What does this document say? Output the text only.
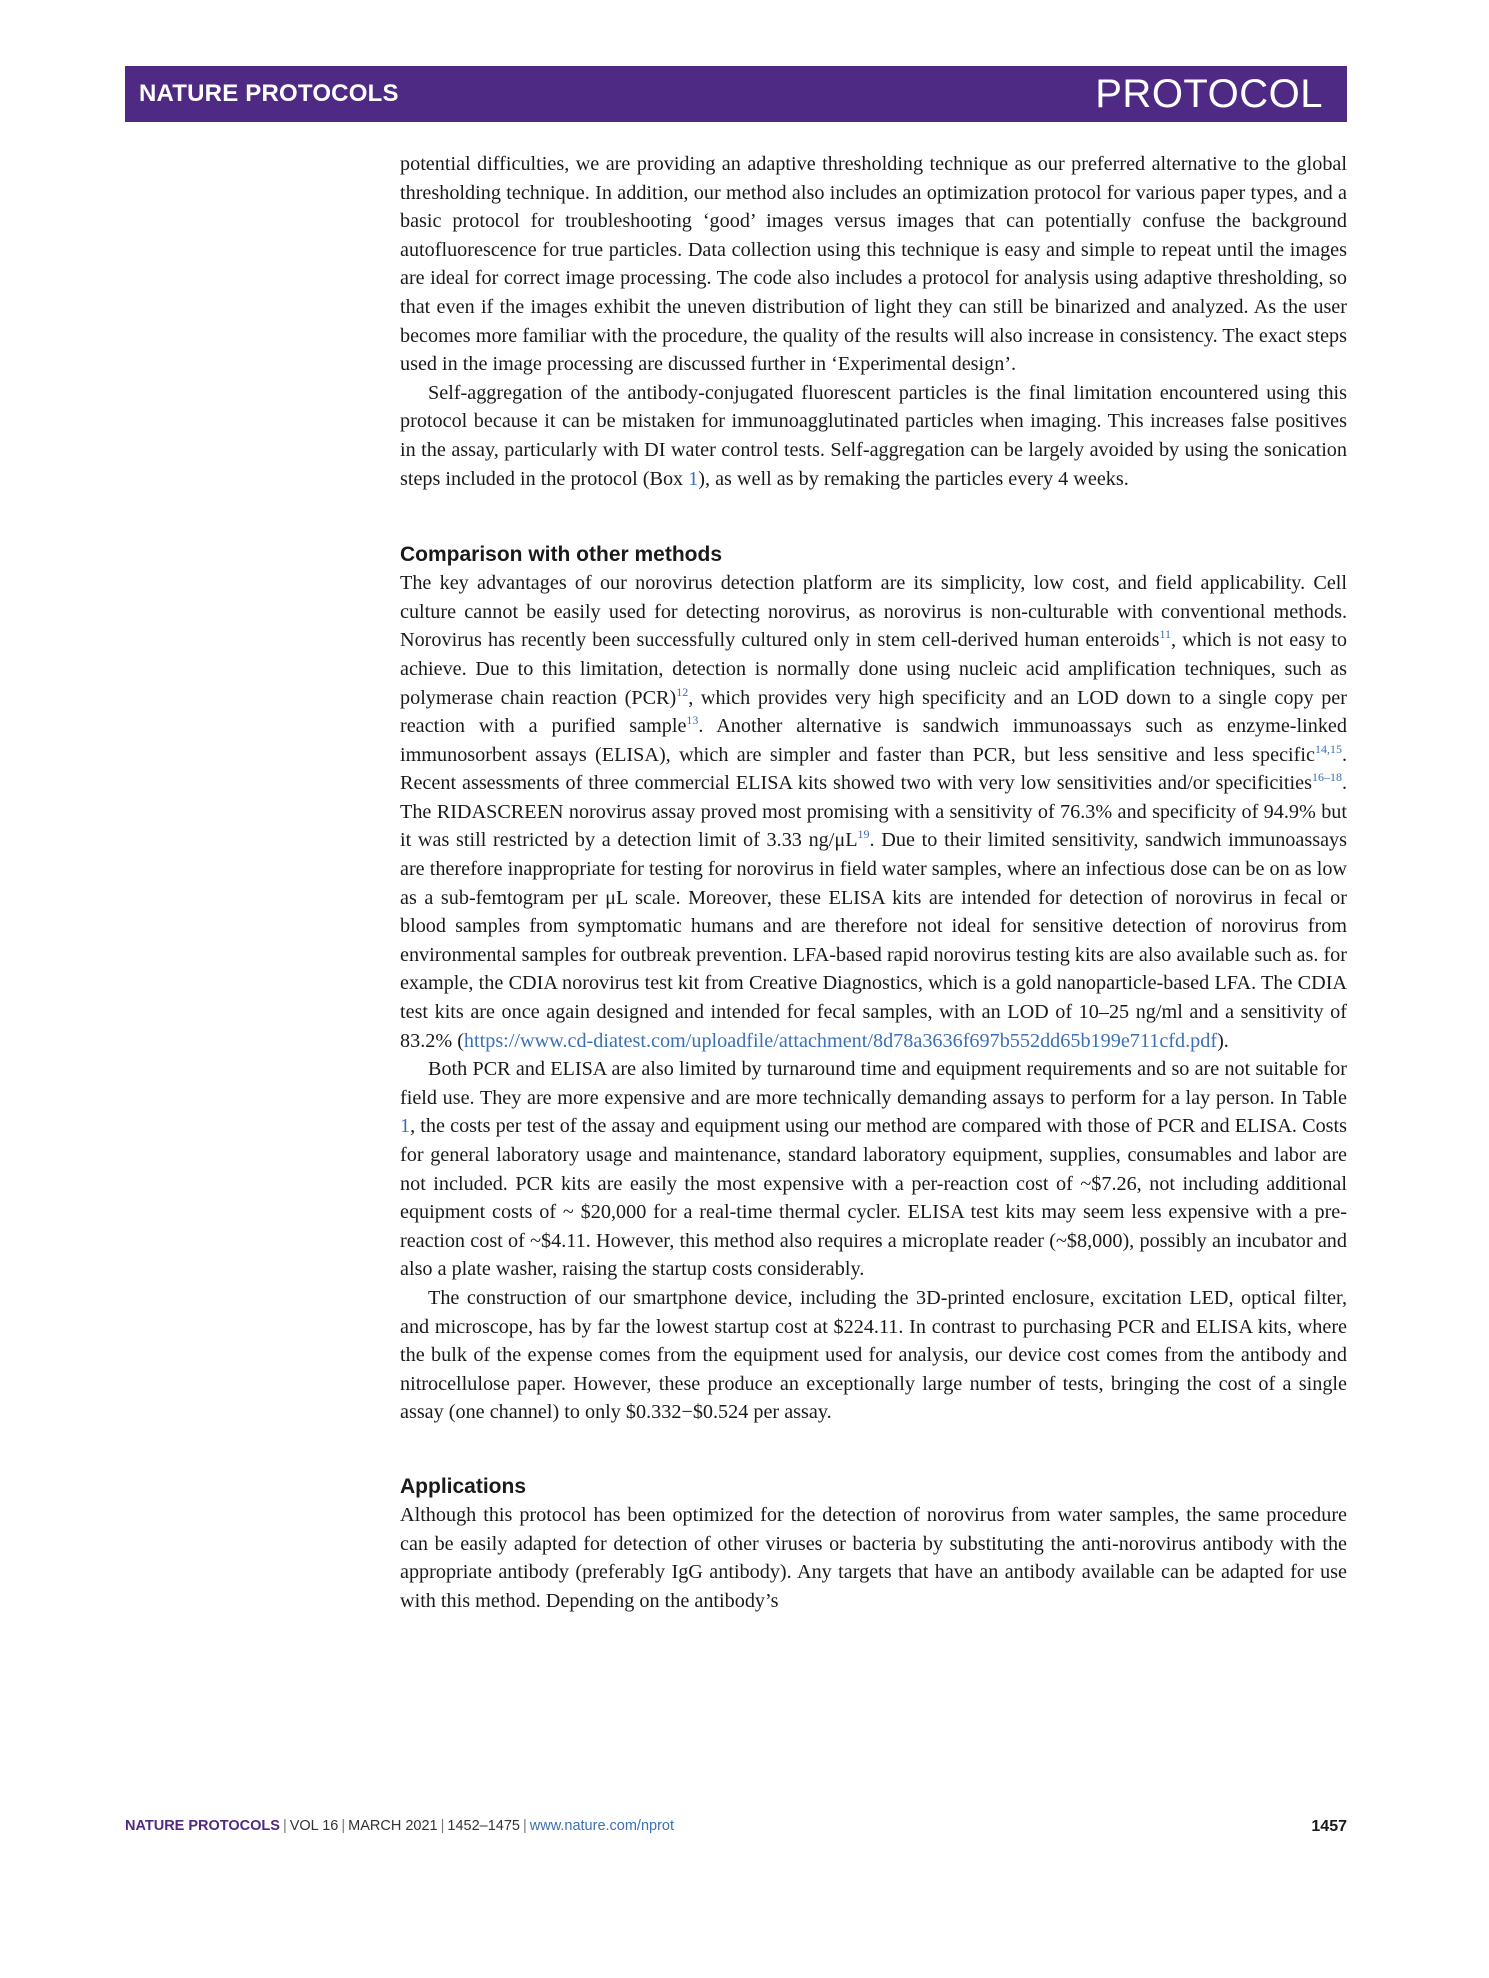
NATURE PROTOCOLS	PROTOCOL

potential difficulties, we are providing an adaptive thresholding technique as our preferred alternative to the global thresholding technique. In addition, our method also includes an optimization protocol for various paper types, and a basic protocol for troubleshooting ‘good’ images versus images that can potentially confuse the background autofluorescence for true particles. Data collection using this technique is easy and simple to repeat until the images are ideal for correct image processing. The code also includes a protocol for analysis using adaptive thresholding, so that even if the images exhibit the uneven distribution of light they can still be binarized and analyzed. As the user becomes more familiar with the procedure, the quality of the results will also increase in consistency. The exact steps used in the image processing are discussed further in ‘Experimental design’.

Self-aggregation of the antibody-conjugated fluorescent particles is the final limitation encountered using this protocol because it can be mistaken for immunoagglutinated particles when imaging. This increases false positives in the assay, particularly with DI water control tests. Self-aggregation can be largely avoided by using the sonication steps included in the protocol (Box 1), as well as by remaking the particles every 4 weeks.

Comparison with other methods

The key advantages of our norovirus detection platform are its simplicity, low cost, and field applicability. Cell culture cannot be easily used for detecting norovirus, as norovirus is non-culturable with conventional methods. Norovirus has recently been successfully cultured only in stem cell-derived human enteroids$^{11}$, which is not easy to achieve. Due to this limitation, detection is normally done using nucleic acid amplification techniques, such as polymerase chain reaction (PCR)$^{12}$, which provides very high specificity and an LOD down to a single copy per reaction with a purified sample$^{13}$. Another alternative is sandwich immunoassays such as enzyme-linked immunosorbent assays (ELISA), which are simpler and faster than PCR, but less sensitive and less specific$^{14,15}$. Recent assessments of three commercial ELISA kits showed two with very low sensitivities and/or specificities$^{16-18}$. The RIDASCREEN norovirus assay proved most promising with a sensitivity of 76.3% and specificity of 94.9% but it was still restricted by a detection limit of 3.33 $ng/\mu L^{19}$. Due to their limited sensitivity, sandwich immunoassays are therefore inappropriate for testing for norovirus in field water samples, where an infectious dose can be on as low as a sub-femtogram per μL scale. Moreover, these ELISA kits are intended for detection of norovirus in fecal or blood samples from symptomatic humans and are therefore not ideal for sensitive detection of norovirus from environmental samples for outbreak prevention. LFA-based rapid norovirus testing kits are also available such as. for example, the CDIA norovirus test kit from Creative Diagnostics, which is a gold nanoparticle-based LFA. The CDIA test kits are once again designed and intended for fecal samples, with an LOD of 10–25 ng/ml and a sensitivity of 83.2% (https://www.cd-diatest.com/uploadfile/attachment/8d78a3636f697b552dd65b199e711cfd.pdf).

Both PCR and ELISA are also limited by turnaround time and equipment requirements and so are not suitable for field use. They are more expensive and are more technically demanding assays to perform for a lay person. In Table 1, the costs per test of the assay and equipment using our method are compared with those of PCR and ELISA. Costs for general laboratory usage and maintenance, standard laboratory equipment, supplies, consumables and labor are not included. PCR kits are easily the most expensive with a per-reaction cost of ~$7.26, not including additional equipment costs of ~ $20,000 for a real-time thermal cycler. ELISA test kits may seem less expensive with a pre-reaction cost of ~$4.11. However, this method also requires a microplate reader (~$8,000), possibly an incubator and also a plate washer, raising the startup costs considerably.

The construction of our smartphone device, including the 3D-printed enclosure, excitation LED, optical filter, and microscope, has by far the lowest startup cost at $224.11. In contrast to purchasing PCR and ELISA kits, where the bulk of the expense comes from the equipment used for analysis, our device cost comes from the antibody and nitrocellulose paper. However, these produce an exceptionally large number of tests, bringing the cost of a single assay (one channel) to only $0.332−$0.524 per assay.

Applications

Although this protocol has been optimized for the detection of norovirus from water samples, the same procedure can be easily adapted for detection of other viruses or bacteria by substituting the anti-norovirus antibody with the appropriate antibody (preferably IgG antibody). Any targets that have an antibody available can be adapted for use with this method. Depending on the antibody’s

NATURE PROTOCOLS | VOL 16 | MARCH 2021 | 1452–1475 | www.nature.com/nprot	1457
